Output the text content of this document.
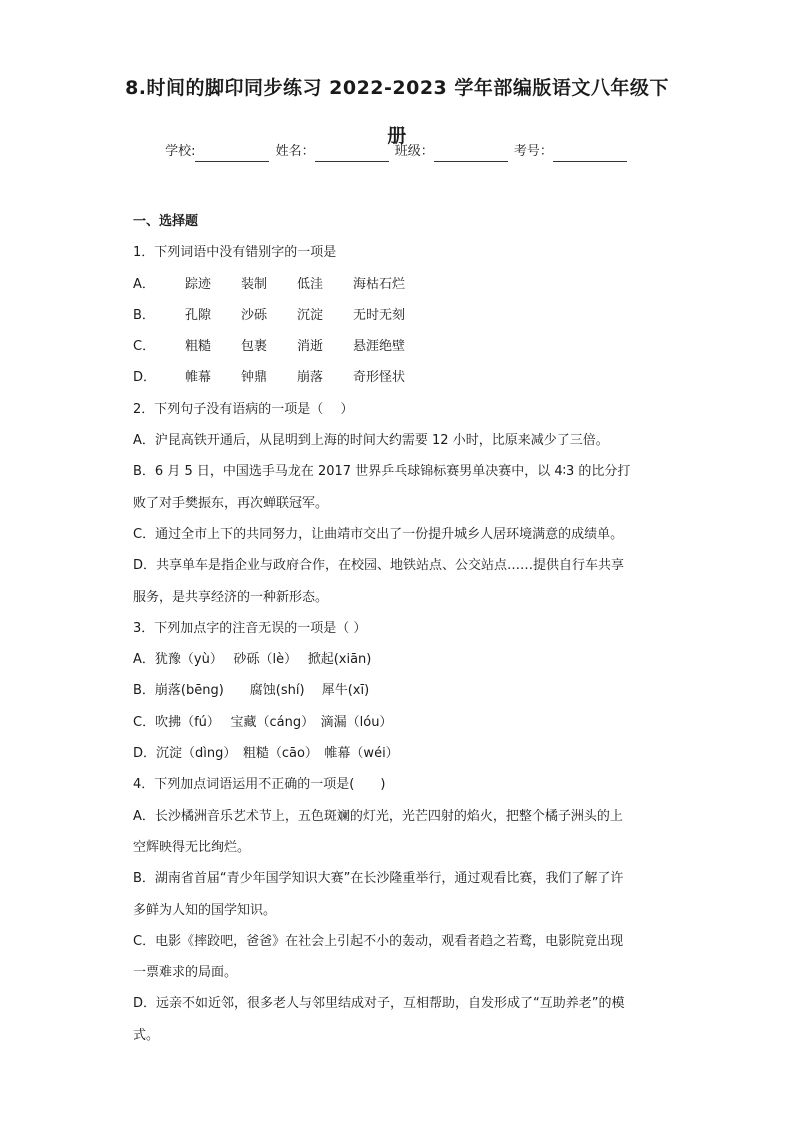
8.时间的脚印同步练习 2022-2023 学年部编版语文八年级下
册
学校:	姓名：	班级：	考号：

一、选择题

1．下列词语中没有错别字的一项是

A． 踪迹 装制 低洼 海枯石烂

B． 孔隙 沙砾 沉淀 无时无刻

C． 粗糙 包裹 消逝 悬涯绝壁

D． 帷幕 钟鼎 崩落 奇形怪状

2．下列句子没有语病的一项是（　 ）

A．沪昆高铁开通后，从昆明到上海的时间大约需要 12 小时，比原来减少了三倍。

B．6 月 5 日，中国选手马龙在 2017 世界乒乓球锦标赛男单决赛中，以 4∶3 的比分打

败了对手樊振东，再次蝉联冠军。

C．通过全市上下的共同努力，让曲靖市交出了一份提升城乡人居环境满意的成绩单。

D．共享单车是指企业与政府合作，在校园、地铁站点、公交站点……提供自行车共享

服务，是共享经济的一种新形态。

3．下列加点字的注音无误的一项是（ ）

A．犹豫（yù）　 砂砾（lè）　 掀起(xiān)

B．崩落(bēng)　　腐蚀(shí)　 犀牛(xī)

C．吹拂（fú）　 宝藏（cáng）　滴漏（lóu）

D．沉淀（dìng）　粗糙（cāo）　帷幕（wéi）

4．下列加点词语运用不正确的一项是(　　)

A．长沙橘洲音乐艺术节上，五色斑斓的灯光，光芒四射的焰火，把整个橘子洲头的上

空辉映得无比绚烂。

B．湖南省首届“青少年国学知识大赛”在长沙隆重举行，通过观看比赛，我们了解了许

多鲜为人知的国学知识。

C．电影《摔跤吧，爸爸》在社会上引起不小的轰动，观看者趋之若鹜，电影院竟出现

一票难求的局面。

D．远亲不如近邻，很多老人与邻里结成对子，互相帮助，自发形成了“互助养老”的模

式。
